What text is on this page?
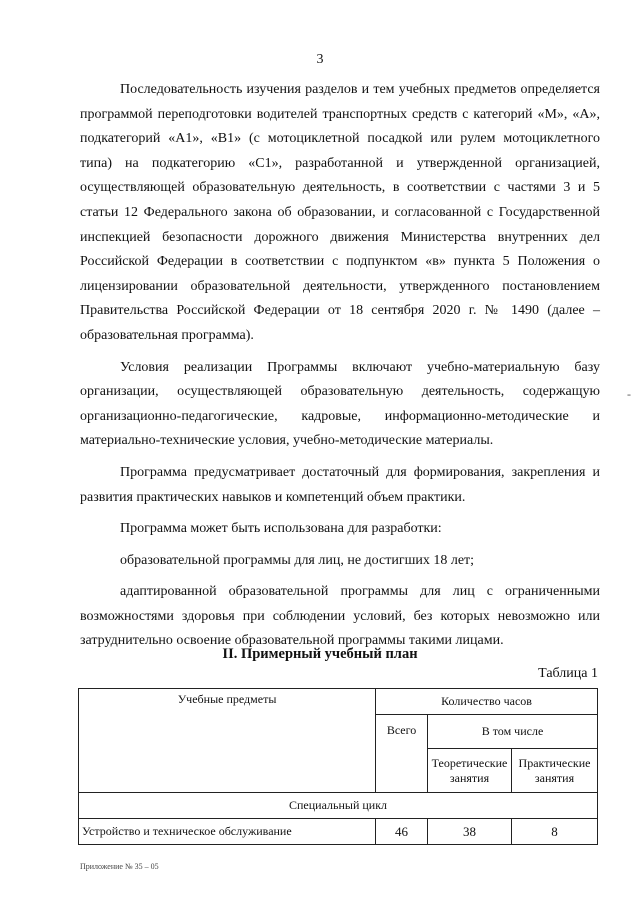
3

Последовательность изучения разделов и тем учебных предметов определяется программой переподготовки водителей транспортных средств с категорий «М», «А», подкатегорий «А1», «В1» (с мотоциклетной посадкой или рулем мотоциклетного типа) на подкатегорию «С1», разработанной и утвержденной организацией, осуществляющей образовательную деятельность, в соответствии с частями 3 и 5 статьи 12 Федерального закона об образовании, и согласованной с Государственной инспекцией безопасности дорожного движения Министерства внутренних дел Российской Федерации в соответствии с подпунктом «в» пункта 5 Положения о лицензировании образовательной деятельности, утвержденного постановлением Правительства Российской Федерации от 18 сентября 2020 г. № 1490 (далее – образовательная программа).

Условия реализации Программы включают учебно-материальную базу организации, осуществляющей образовательную деятельность, содержащую организационно-педагогические, кадровые, информационно-методические и материально-технические условия, учебно-методические материалы.

Программа предусматривает достаточный для формирования, закрепления и развития практических навыков и компетенций объем практики.

Программа может быть использована для разработки:

образовательной программы для лиц, не достигших 18 лет;

адаптированной образовательной программы для лиц с ограниченными возможностями здоровья при соблюдении условий, без которых невозможно или затруднительно освоение образовательной программы такими лицами.

-
II. Примерный учебный план
Таблица 1
Учебные предметы	Количество часов		
	Всего	В том числе	
		Теоретические занятия	Практические занятия
Специальный цикл			
Устройство и техническое обслуживание	46	38	8
Приложение № 35 – 05
